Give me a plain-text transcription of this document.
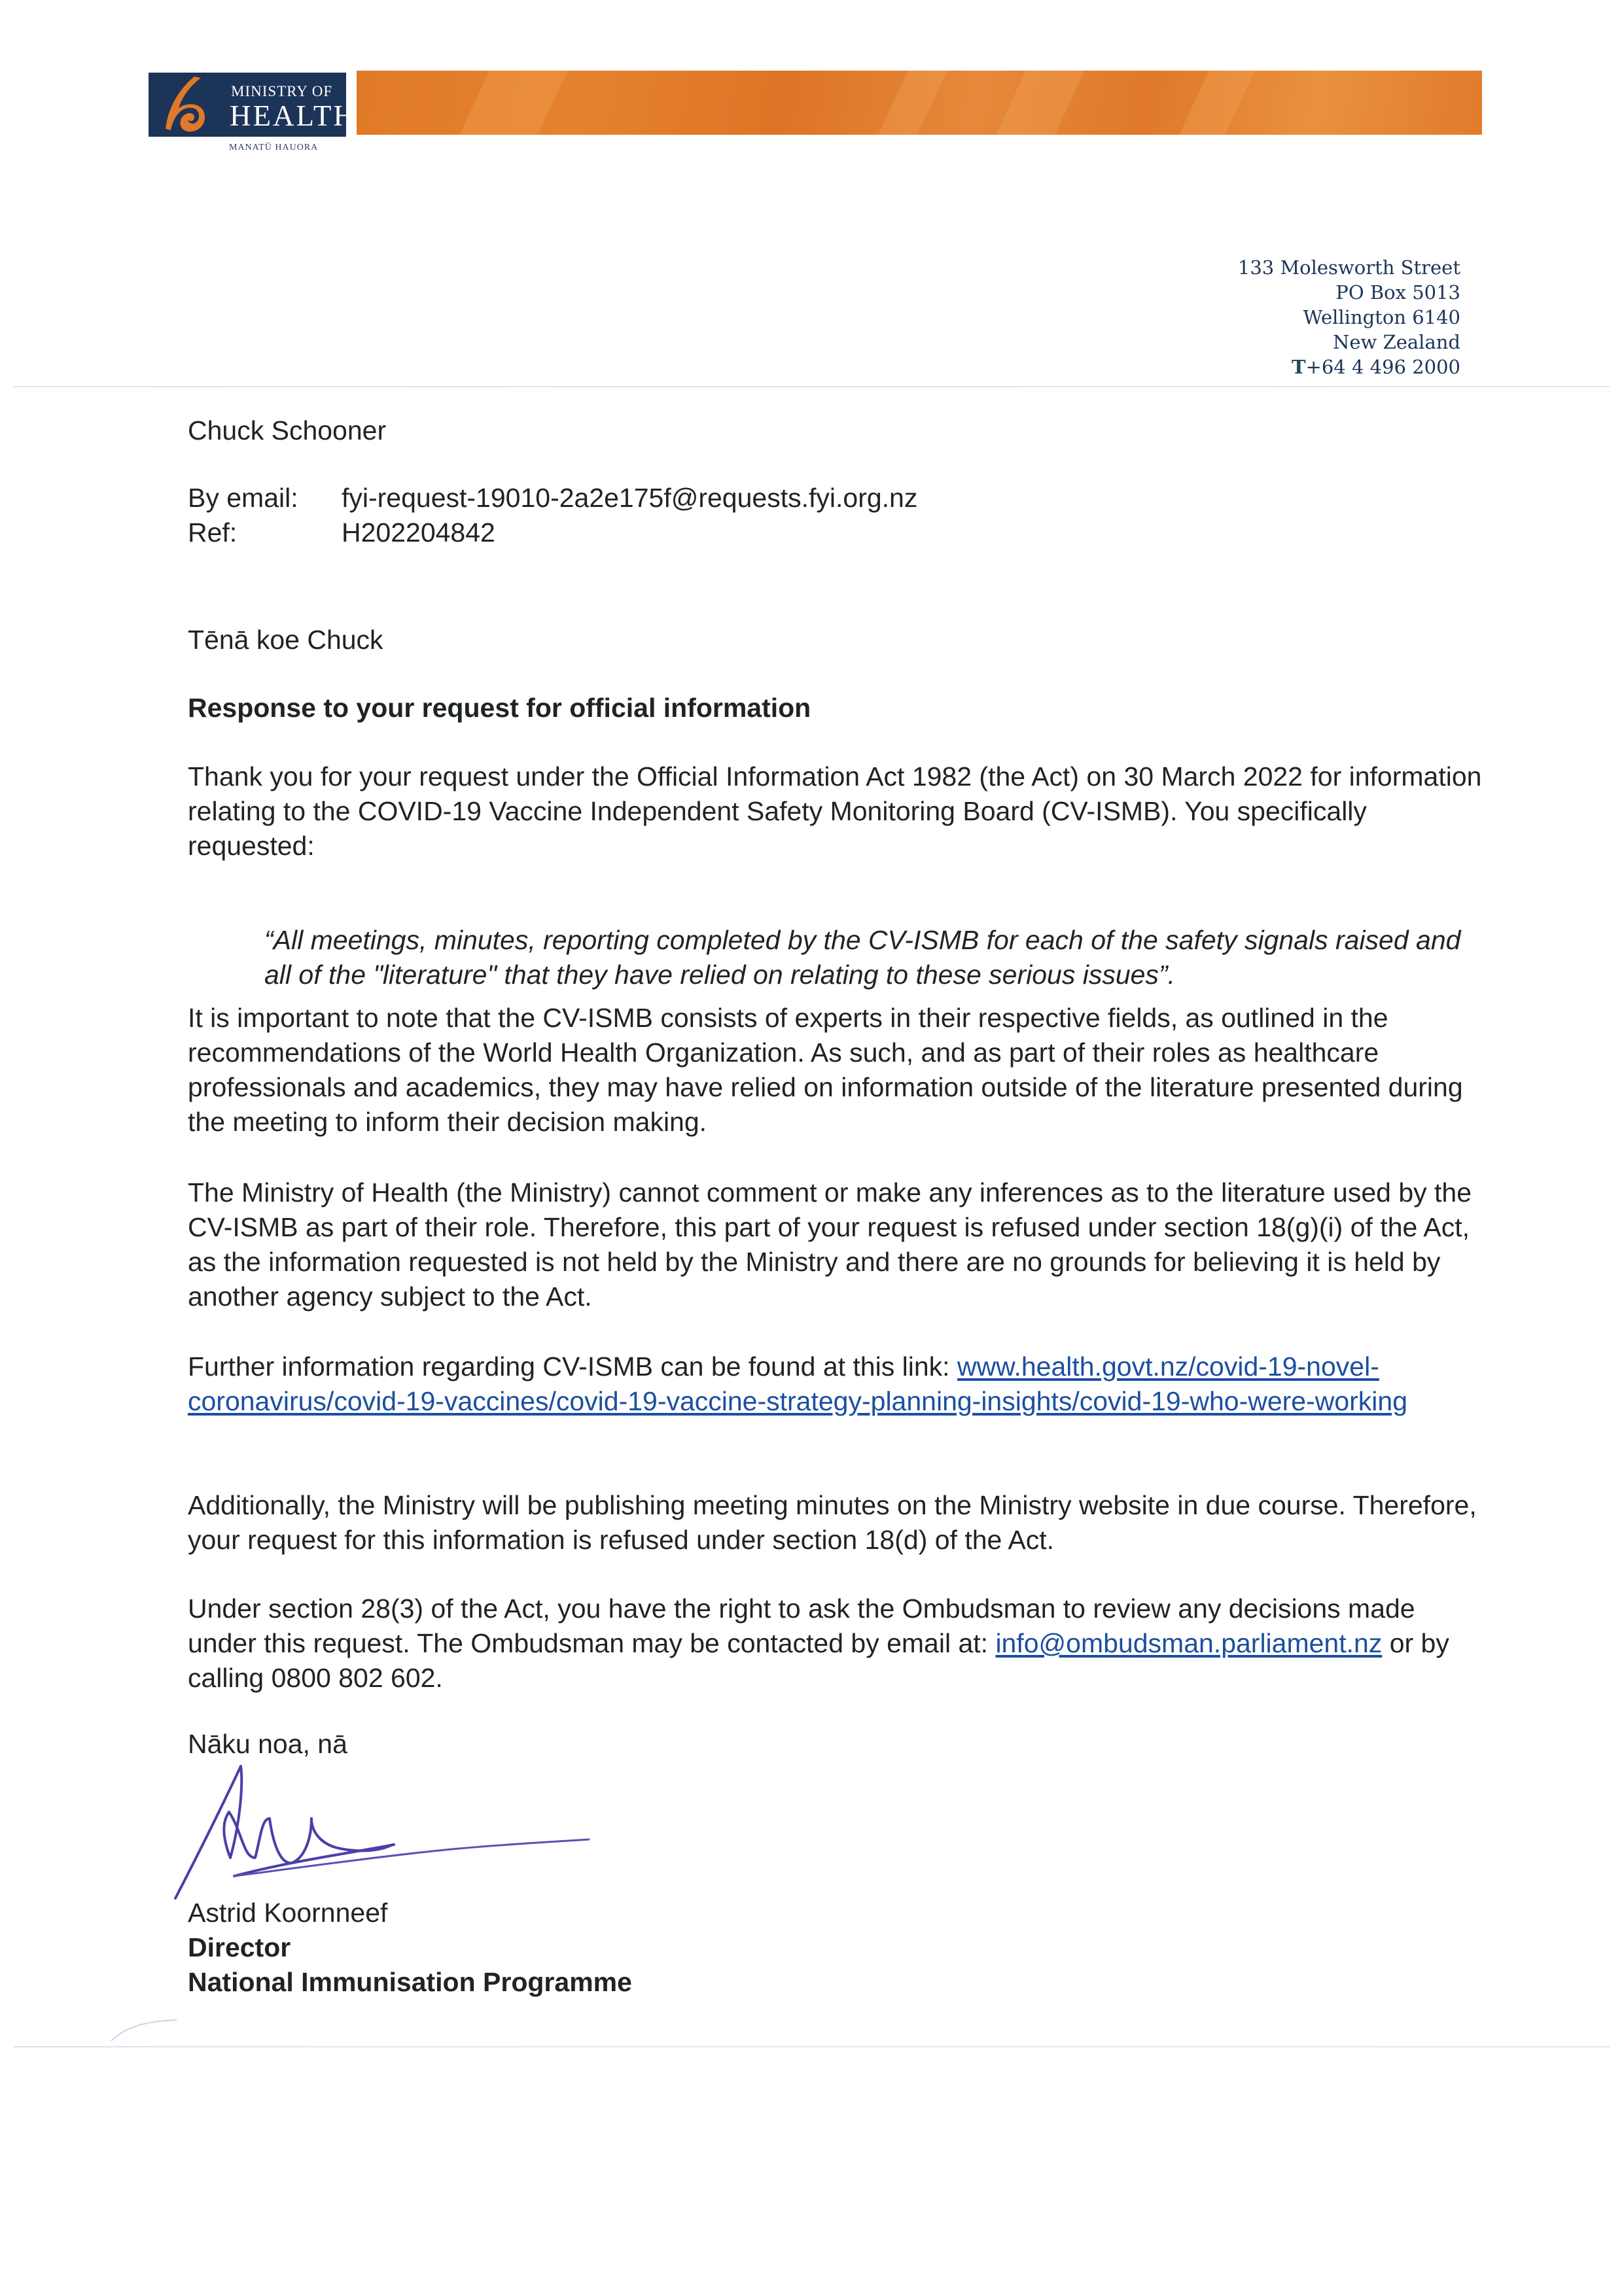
MINISTRY OF
HEALTH
MANATŪ HAUORA
133 Molesworth Street
PO Box 5013
Wellington 6140
New Zealand
T+64 4 496 2000
Chuck Schooner
By email:	fyi-request-19010-2a2e175f@requests.fyi.org.nz
Ref:	H202204842
Tēnā koe Chuck
Response to your request for official information

Thank you for your request under the Official Information Act 1982 (the Act) on 30 March 2022 for information relating to the COVID-19 Vaccine Independent Safety Monitoring Board (CV-ISMB). You specifically requested:

“All meetings, minutes, reporting completed by the CV-ISMB for each of the safety signals raised and all of the "literature" that they have relied on relating to these serious issues”.

It is important to note that the CV-ISMB consists of experts in their respective fields, as outlined in the recommendations of the World Health Organization. As such, and as part of their roles as healthcare professionals and academics, they may have relied on information outside of the literature presented during the meeting to inform their decision making.

The Ministry of Health (the Ministry) cannot comment or make any inferences as to the literature used by the CV-ISMB as part of their role. Therefore, this part of your request is refused under section 18(g)(i) of the Act, as the information requested is not held by the Ministry and there are no grounds for believing it is held by another agency subject to the Act.

Further information regarding CV-ISMB can be found at this link: www.health.govt.nz/covid-19-novel-coronavirus/covid-19-vaccines/covid-19-vaccine-strategy-planning-insights/covid-19-who-were-working

Additionally, the Ministry will be publishing meeting minutes on the Ministry website in due course. Therefore, your request for this information is refused under section 18(d) of the Act.

Under section 28(3) of the Act, you have the right to ask the Ombudsman to review any decisions made under this request. The Ombudsman may be contacted by email at: info@ombudsman.parliament.nz or by calling 0800 802 602.

Nāku noa, nā
Astrid Koornneef
Director
National Immunisation Programme
